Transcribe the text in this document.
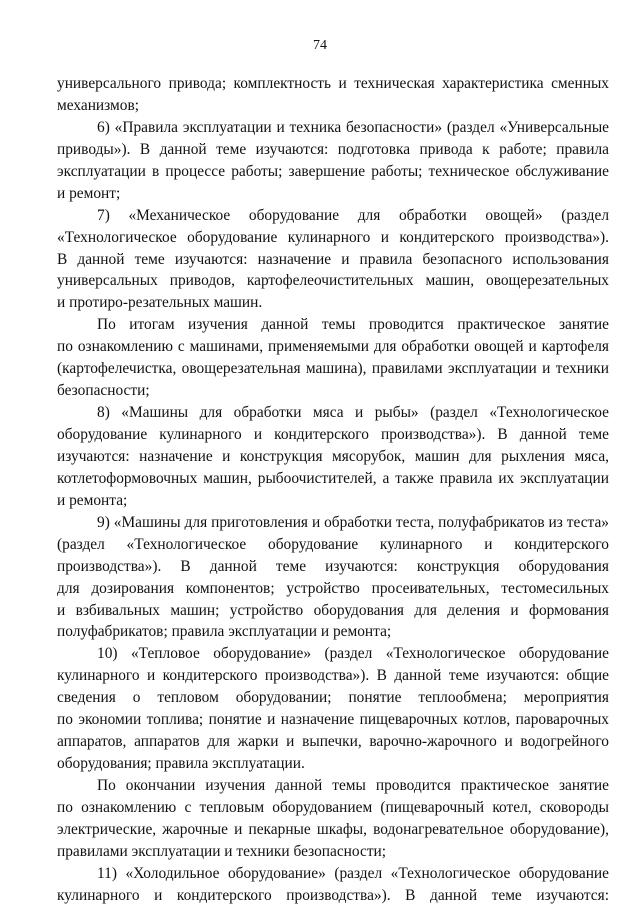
74
универсального привода; комплектность и техническая характеристика сменных
механизмов;
6) «Правила эксплуатации и техника безопасности» (раздел «Универсальные
приводы»). В данной теме изучаются: подготовка привода к работе; правила
эксплуатации в процессе работы; завершение работы; техническое обслуживание
и ремонт;
7) «Механическое оборудование для обработки овощей» (раздел
«Технологическое оборудование кулинарного и кондитерского производства»).
В данной теме изучаются: назначение и правила безопасного использования
универсальных приводов, картофелеочистительных машин, овощерезательных
и протиро-резательных машин.
По итогам изучения данной темы проводится практическое занятие
по ознакомлению с машинами, применяемыми для обработки овощей и картофеля
(картофелечистка, овощерезательная машина), правилами эксплуатации и техники
безопасности;
8) «Машины для обработки мяса и рыбы» (раздел «Технологическое
оборудование кулинарного и кондитерского производства»). В данной теме
изучаются: назначение и конструкция мясорубок, машин для рыхления мяса,
котлетоформовочных машин, рыбоочистителей, а также правила их эксплуатации
и ремонта;
9) «Машины для приготовления и обработки теста, полуфабрикатов из теста»
(раздел «Технологическое оборудование кулинарного и кондитерского
производства»). В данной теме изучаются: конструкция оборудования
для дозирования компонентов; устройство просеивательных, тестомесильных
и взбивальных машин; устройство оборудования для деления и формования
полуфабрикатов; правила эксплуатации и ремонта;
10) «Тепловое оборудование» (раздел «Технологическое оборудование
кулинарного и кондитерского производства»). В данной теме изучаются: общие
сведения о тепловом оборудовании; понятие теплообмена; мероприятия
по экономии топлива; понятие и назначение пищеварочных котлов, пароварочных
аппаратов, аппаратов для жарки и выпечки, варочно-жарочного и водогрейного
оборудования; правила эксплуатации.
По окончании изучения данной темы проводится практическое занятие
по ознакомлению с тепловым оборудованием (пищеварочный котел, сковороды
электрические, жарочные и пекарные шкафы, водонагревательное оборудование),
правилами эксплуатации и техники безопасности;
11) «Холодильное оборудование» (раздел «Технологическое оборудование
кулинарного и кондитерского производства»). В данной теме изучаются:
